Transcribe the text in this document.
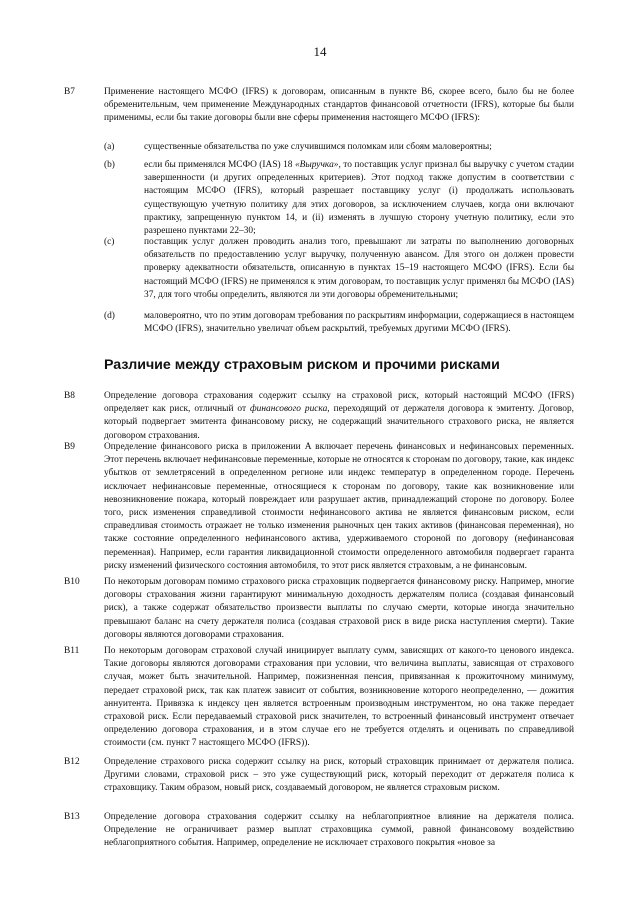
14
B7	Применение настоящего МСФО (IFRS) к договорам, описанным в пункте B6, скорее всего, было бы не более обременительным, чем применение Международных стандартов финансовой отчетности (IFRS), которые бы были применимы, если бы такие договоры были вне сферы применения настоящего МСФО (IFRS):
(a)	существенные обязательства по уже случившимся поломкам или сбоям маловероятны;
(b)	если бы применялся МСФО (IAS) 18 «Выручка», то поставщик услуг признал бы выручку с учетом стадии завершенности (и других определенных критериев). Этот подход также допустим в соответствии с настоящим МСФО (IFRS), который разрешает поставщику услуг (i) продолжать использовать существующую учетную политику для этих договоров, за исключением случаев, когда они включают практику, запрещенную пунктом 14, и (ii) изменять в лучшую сторону учетную политику, если это разрешено пунктами 22–30;
(c)	поставщик услуг должен проводить анализ того, превышают ли затраты по выполнению договорных обязательств по предоставлению услуг выручку, полученную авансом. Для этого он должен провести проверку адекватности обязательств, описанную в пунктах 15–19 настоящего МСФО (IFRS). Если бы настоящий МСФО (IFRS) не применялся к этим договорам, то поставщик услуг применял бы МСФО (IAS) 37, для того чтобы определить, являются ли эти договоры обременительными;
(d)	маловероятно, что по этим договорам требования по раскрытиям информации, содержащиеся в настоящем МСФО (IFRS), значительно увеличат объем раскрытий, требуемых другими МСФО (IFRS).
Различие между страховым риском и прочими рисками
B8	Определение договора страхования содержит ссылку на страховой риск, который настоящий МСФО (IFRS) определяет как риск, отличный от финансового риска, переходящий от держателя договора к эмитенту. Договор, который подвергает эмитента финансовому риску, не содержащий значительного страхового риска, не является договором страхования.
B9	Определение финансового риска в приложении A включает перечень финансовых и нефинансовых переменных. Этот перечень включает нефинансовые переменные, которые не относятся к сторонам по договору, такие, как индекс убытков от землетрясений в определенном регионе или индекс температур в определенном городе. Перечень исключает нефинансовые переменные, относящиеся к сторонам по договору, такие как возникновение или невозникновение пожара, который повреждает или разрушает актив, принадлежащий стороне по договору. Более того, риск изменения справедливой стоимости нефинансового актива не является финансовым риском, если справедливая стоимость отражает не только изменения рыночных цен таких активов (финансовая переменная), но также состояние определенного нефинансового актива, удерживаемого стороной по договору (нефинансовая переменная). Например, если гарантия ликвидационной стоимости определенного автомобиля подвергает гаранта риску изменений физического состояния автомобиля, то этот риск является страховым, а не финансовым.
B10	По некоторым договорам помимо страхового риска страховщик подвергается финансовому риску. Например, многие договоры страхования жизни гарантируют минимальную доходность держателям полиса (создавая финансовый риск), а также содержат обязательство произвести выплаты по случаю смерти, которые иногда значительно превышают баланс на счету держателя полиса (создавая страховой риск в виде риска наступления смерти). Такие договоры являются договорами страхования.
B11	По некоторым договорам страховой случай инициирует выплату сумм, зависящих от какого-то ценового индекса. Такие договоры являются договорами страхования при условии, что величина выплаты, зависящая от страхового случая, может быть значительной. Например, пожизненная пенсия, привязанная к прожиточному минимуму, передает страховой риск, так как платеж зависит от события, возникновение которого неопределенно, — дожития аннуитента. Привязка к индексу цен является встроенным производным инструментом, но она также передает страховой риск. Если передаваемый страховой риск значителен, то встроенный финансовый инструмент отвечает определению договора страхования, и в этом случае его не требуется отделять и оценивать по справедливой стоимости (см. пункт 7 настоящего МСФО (IFRS)).
B12	Определение страхового риска содержит ссылку на риск, который страховщик принимает от держателя полиса. Другими словами, страховой риск – это уже существующий риск, который переходит от держателя полиса к страховщику. Таким образом, новый риск, создаваемый договором, не является страховым риском.
B13	Определение договора страхования содержит ссылку на неблагоприятное влияние на держателя полиса. Определение не ограничивает размер выплат страховщика суммой, равной финансовому воздействию неблагоприятного события. Например, определение не исключает страхового покрытия «новое за
